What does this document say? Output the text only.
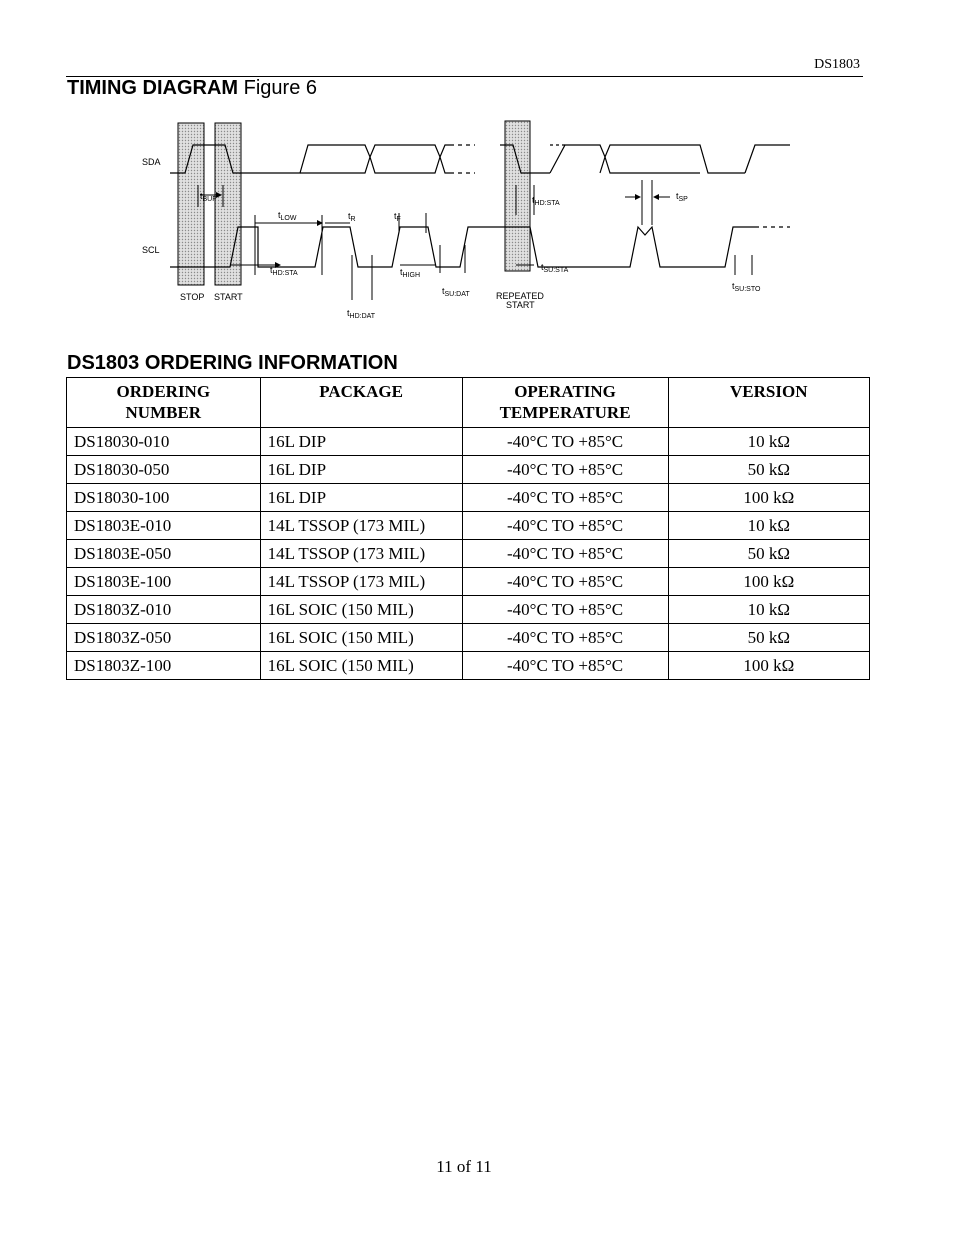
DS1803
TIMING DIAGRAM Figure 6
SDA
SCL
$t_{BUF}$
$t_{LOW}$	$t_R$	$t_F$
$t_{HD:STA}$
$t_{HD:STA}$
$t_{SP}$
$t_{HIGH}$
$t_{SU:DAT}$
$t_{SU:STA}$
$t_{SU:STO}$
$t_{HD:DAT}$
STOP START	REPEATED
START
DS1803 ORDERING INFORMATION
ORDERING
NUMBER	PACKAGE	OPERATING
TEMPERATURE	VERSION
DS18030-010	16L DIP	-40°C TO +85°C	10 kΩ
DS18030-050	16L DIP	-40°C TO +85°C	50 kΩ
DS18030-100	16L DIP	-40°C TO +85°C	100 kΩ
DS1803E-010	14L TSSOP (173 MIL)	-40°C TO +85°C	10 kΩ
DS1803E-050	14L TSSOP (173 MIL)	-40°C TO +85°C	50 kΩ
DS1803E-100	14L TSSOP (173 MIL)	-40°C TO +85°C	100 kΩ
DS1803Z-010	16L SOIC (150 MIL)	-40°C TO +85°C	10 kΩ
DS1803Z-050	16L SOIC (150 MIL)	-40°C TO +85°C	50 kΩ
DS1803Z-100	16L SOIC (150 MIL)	-40°C TO +85°C	100 kΩ
11 of 11
